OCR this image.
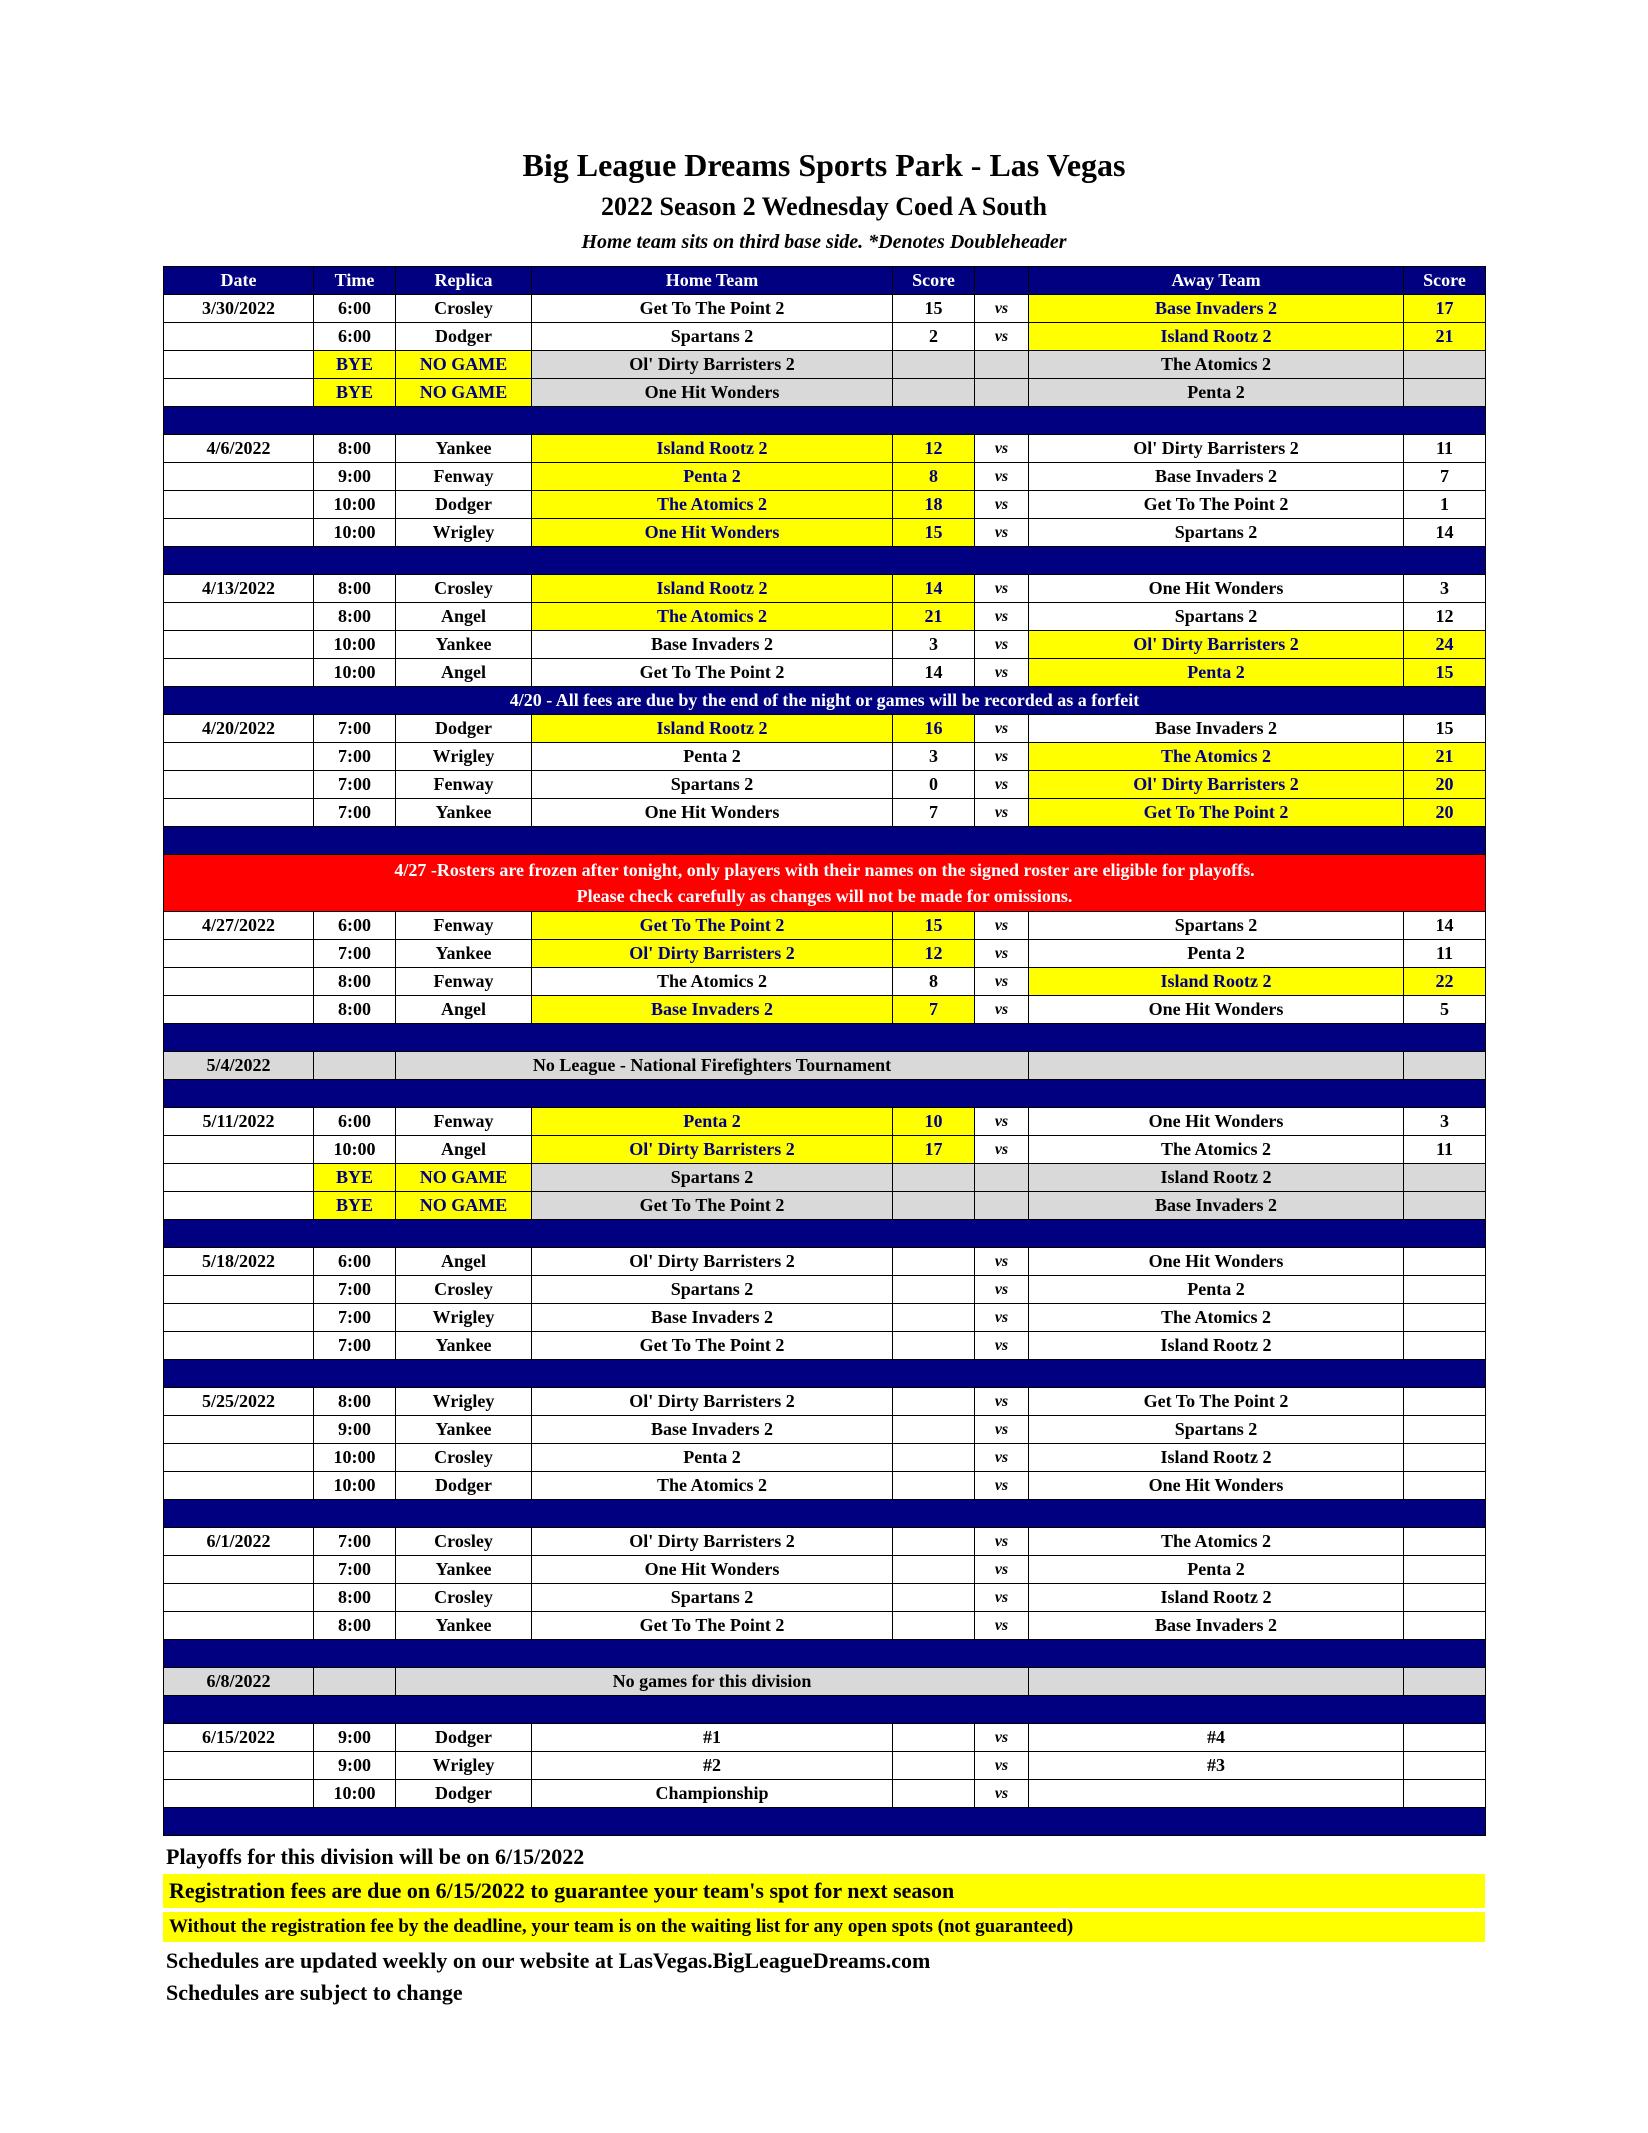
Big League Dreams Sports Park - Las Vegas
2022 Season 2 Wednesday Coed A South
Home team sits on third base side. *Denotes Doubleheader
Date	Time	Replica	Home Team	Score		Away Team	Score
3/30/2022	6:00	Crosley	Get To The Point 2	15	vs	Base Invaders 2	17
	6:00	Dodger	Spartans 2	2	vs	Island Rootz 2	21
	BYE	NO GAME	Ol' Dirty Barristers 2			The Atomics 2	
	BYE	NO GAME	One Hit Wonders			Penta 2	

4/6/2022	8:00	Yankee	Island Rootz 2	12	vs	Ol' Dirty Barristers 2	11
	9:00	Fenway	Penta 2	8	vs	Base Invaders 2	7
	10:00	Dodger	The Atomics 2	18	vs	Get To The Point 2	1
	10:00	Wrigley	One Hit Wonders	15	vs	Spartans 2	14

4/13/2022	8:00	Crosley	Island Rootz 2	14	vs	One Hit Wonders	3
	8:00	Angel	The Atomics 2	21	vs	Spartans 2	12
	10:00	Yankee	Base Invaders 2	3	vs	Ol' Dirty Barristers 2	24
	10:00	Angel	Get To The Point 2	14	vs	Penta 2	15
4/20 - All fees are due by the end of the night or games will be recorded as a forfeit							
4/20/2022	7:00	Dodger	Island Rootz 2	16	vs	Base Invaders 2	15
	7:00	Wrigley	Penta 2	3	vs	The Atomics 2	21
	7:00	Fenway	Spartans 2	0	vs	Ol' Dirty Barristers 2	20
	7:00	Yankee	One Hit Wonders	7	vs	Get To The Point 2	20

4/27 -Rosters are frozen after tonight, only players with their names on the signed roster are eligible for playoffs.
Please check carefully as changes will not be made for omissions.							

4/27/2022	6:00	Fenway	Get To The Point 2	15	vs	Spartans 2	14
	7:00	Yankee	Ol' Dirty Barristers 2	12	vs	Penta 2	11
	8:00	Fenway	The Atomics 2	8	vs	Island Rootz 2	22
	8:00	Angel	Base Invaders 2	7	vs	One Hit Wonders	5

5/4/2022		No League - National Firefighters Tournament					

5/11/2022	6:00	Fenway	Penta 2	10	vs	One Hit Wonders	3
	10:00	Angel	Ol' Dirty Barristers 2	17	vs	The Atomics 2	11
	BYE	NO GAME	Spartans 2			Island Rootz 2	
	BYE	NO GAME	Get To The Point 2			Base Invaders 2	

5/18/2022	6:00	Angel	Ol' Dirty Barristers 2		vs	One Hit Wonders	
	7:00	Crosley	Spartans 2		vs	Penta 2	
	7:00	Wrigley	Base Invaders 2		vs	The Atomics 2	
	7:00	Yankee	Get To The Point 2		vs	Island Rootz 2	

5/25/2022	8:00	Wrigley	Ol' Dirty Barristers 2		vs	Get To The Point 2	
	9:00	Yankee	Base Invaders 2		vs	Spartans 2	
	10:00	Crosley	Penta 2		vs	Island Rootz 2	
	10:00	Dodger	The Atomics 2		vs	One Hit Wonders	

6/1/2022	7:00	Crosley	Ol' Dirty Barristers 2		vs	The Atomics 2	
	7:00	Yankee	One Hit Wonders		vs	Penta 2	
	8:00	Crosley	Spartans 2		vs	Island Rootz 2	
	8:00	Yankee	Get To The Point 2		vs	Base Invaders 2	

6/8/2022		No games for this division					

6/15/2022	9:00	Dodger	#1		vs	#4	
	9:00	Wrigley	#2		vs	#3	
	10:00	Dodger	Championship		vs		

Playoffs for this division will be on 6/15/2022
Registration fees are due on 6/15/2022 to guarantee your team's spot for next season
Without the registration fee by the deadline, your team is on the waiting list for any open spots (not guaranteed)
Schedules are updated weekly on our website at LasVegas.BigLeagueDreams.com
Schedules are subject to change
